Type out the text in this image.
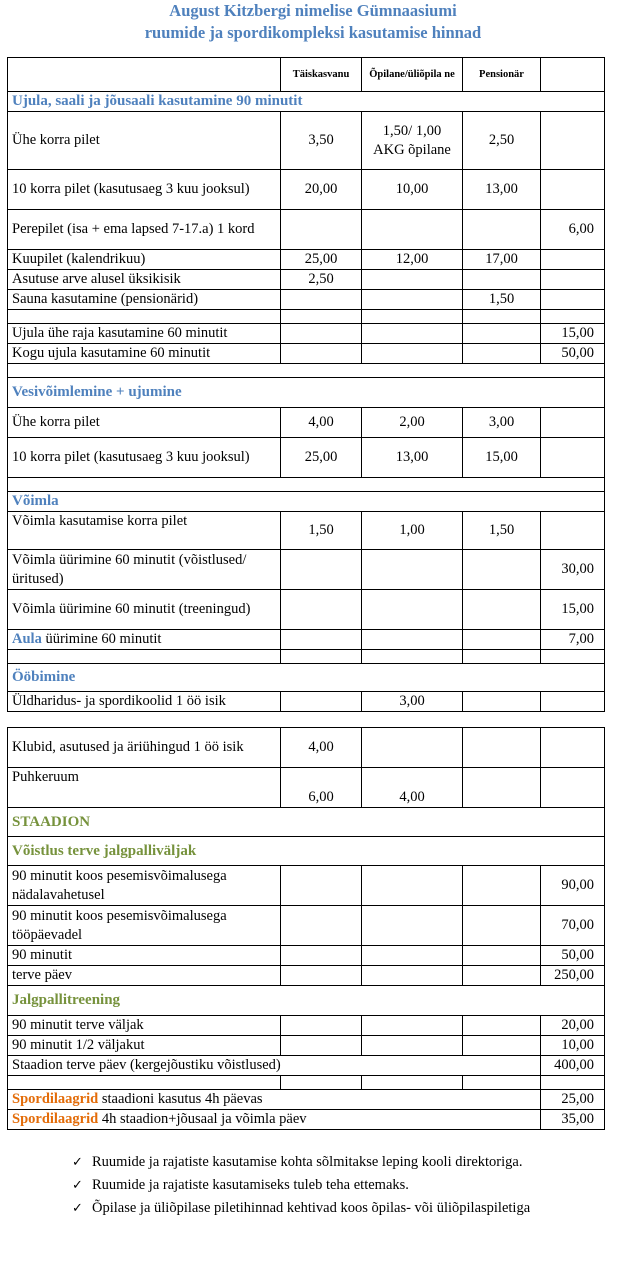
August Kitzbergi nimelise Gümnaasiumi
ruumide ja spordikompleksi kasutamise hinnad
	Täiskasvanu	Õpilane/üliõpila ne	Pensionär	
Ujula, saali ja jõusaali kasutamine 90 minutit				
Ühe korra pilet	3,50	1,50/ 1,00 AKG õpilane	2,50	
10 korra pilet (kasutusaeg 3 kuu jooksul)	20,00	10,00	13,00	
Perepilet (isa + ema lapsed 7-17.a) 1 kord				6,00
Kuupilet (kalendrikuu)	25,00	12,00	17,00	
Asutuse arve alusel üksikisik	2,50			
Sauna kasutamine (pensionärid)			1,50	

Ujula ühe raja kasutamine 60 minutit				15,00
Kogu ujula kasutamine 60 minutit				50,00

Vesivõimlemine + ujumine				
Ühe korra pilet	4,00	2,00	3,00	
10 korra pilet (kasutusaeg 3 kuu jooksul)	25,00	13,00	15,00	

Võimla				
Võimla kasutamise korra pilet	1,50	1,00	1,50	
Võimla üürimine 60 minutit (võistlused/üritused)				30,00
Võimla üürimine 60 minutit (treeningud)				15,00
Aula üürimine 60 minutit				7,00

Ööbimine				
Üldharidus- ja spordikoolid 1 öö isik		3,00		
Klubid, asutused ja äriühingud 1 öö isik	4,00			
Puhkeruum	6,00	4,00		
STAADION				
Võistlus terve jalgpalliväljak				
90 minutit koos pesemisvõimalusega nädalavahetusel				90,00
90 minutit koos pesemisvõimalusega tööpäevadel				70,00
90 minutit				50,00
terve päev				250,00
Jalgpallitreening				
90 minutit terve väljak				20,00
90 minutit 1/2 väljakut				10,00
Staadion terve päev (kergejõustiku võistlused)				400,00

Spordilaagrid staadioni kasutus 4h päevas				25,00
Spordilaagrid 4h staadion+jõusaal ja võimla päev				35,00
✓ Ruumide ja rajatiste kasutamise kohta sõlmitakse leping kooli direktoriga.
✓ Ruumide ja rajatiste kasutamiseks tuleb teha ettemaks.
✓ Õpilase ja üliõpilase piletihinnad kehtivad koos õpilas- või üliõpilaspiletiga
